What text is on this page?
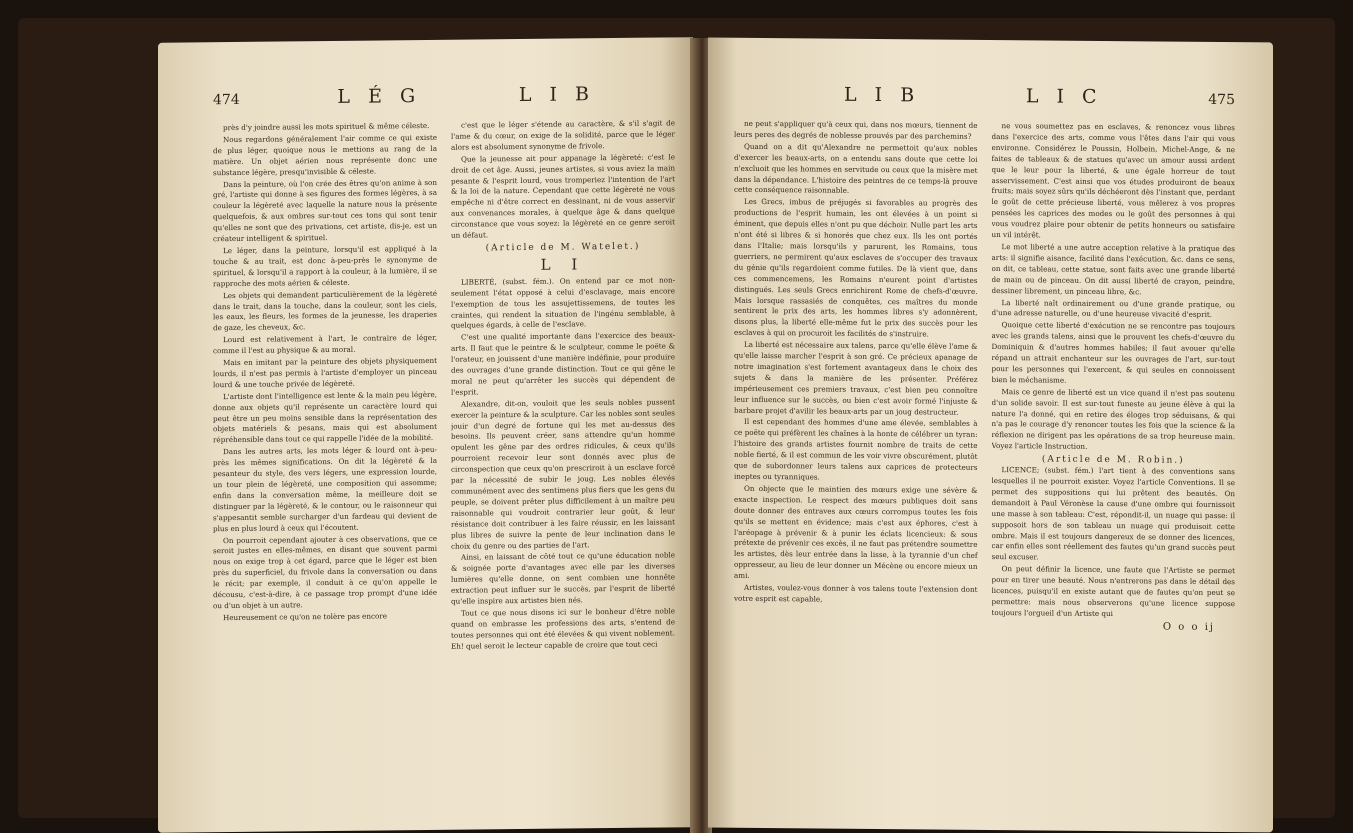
474	L É G	L I B

près d'y joindre aussi les mots spirituel & même céleste.

Nous regardons généralement l'air comme ce qui existe de plus léger, quoique nous le mettions au rang de la matière. Un objet aérien nous représente donc une substance légère, presqu'invisible & céleste.

Dans la peinture, où l'on crée des êtres qu'on anime à son gré, l'artiste qui donne à ses figures des formes légères, à sa couleur la légèreté avec laquelle la nature nous la présente quelquefois, & aux ombres sur-tout ces tons qui sont tenir qu'elles ne sont que des privations, cet artiste, dis-je, est un créateur intelligent & spirituel.

Le léger, dans la peinture, lorsqu'il est appliqué à la touche & au trait, est donc à-peu-près le synonyme de spirituel, & lorsqu'il a rapport à la couleur, à la lumière, il se rapproche des mots aérien & céleste.

Les objets qui demandent particulièrement de la légèreté dans le trait, dans la touche, dans la couleur, sont les ciels, les eaux, les fleurs, les formes de la jeunesse, les draperies de gaze, les cheveux, &c.

Lourd est relativement à l'art, le contraire de léger, comme il l'est au physique & au moral.

Mais en imitant par la peinture des objets physiquement lourds, il n'est pas permis à l'artiste d'employer un pinceau lourd & une touche privée de légèreté.

L'artiste dont l'intelligence est lente & la main peu légère, donne aux objets qu'il représente un caractère lourd qui peut être un peu moins sensible dans la représentation des objets matériels & pesans, mais qui est absolument répréhensible dans tout ce qui rappelle l'idée de la mobilité.

Dans les autres arts, les mots léger & lourd ont à-peu-près les mêmes significations. On dit la légèreté & la pesanteur du style, des vers légers, une expression lourde, un tour plein de légèreté, une composition qui assomme; enfin dans la conversation même, la meilleure doit se distinguer par la légèreté, & le contour, ou le raisonneur qui s'appesantit semble surcharger d'un fardeau qui devient de plus en plus lourd à ceux qui l'écoutent.

On pourroit cependant ajouter à ces observations, que ce seroit justes en elles-mêmes, en disant que souvent parmi nous on exige trop à cet égard, parce que le léger est bien près du superficiel, du frivole dans la conversation ou dans le récit; par exemple, il conduit à ce qu'on appelle le décousu, c'est-à-dire, à ce passage trop prompt d'une idée ou d'un objet à un autre.

Heureusement ce qu'on ne tolère pas encore

c'est que le léger s'étende au caractère, & s'il s'agit de l'ame & du cœur, on exige de la solidité, parce que le léger alors est absolument synonyme de frivole.

Que la jeunesse ait pour appanage la légèreté: c'est le droit de cet âge. Aussi, jeunes artistes, si vous aviez la main pesante & l'esprit lourd, vous tromperiez l'intention de l'art & la loi de la nature. Cependant que cette légèreté ne vous empêche ni d'être correct en dessinant, ni de vous asservir aux convenances morales, à quelque âge & dans quelque circonstance que vous soyez: la légèreté en ce genre seroit un défaut.

(Article de M. Watelet.)
L I

LIBERTÉ, (subst. fém.). On entend par ce mot non-seulement l'état opposé à celui d'esclavage, mais encore l'exemption de tous les assujettissemens, de toutes les craintes, qui rendent la situation de l'ingénu semblable, à quelques égards, à celle de l'esclave.

C'est une qualité importante dans l'exercice des beaux-arts. Il faut que le peintre & le sculpteur, comme le poëte & l'orateur, en jouissent d'une manière indéfinie, pour produire des ouvrages d'une grande distinction. Tout ce qui gêne le moral ne peut qu'arrêter les succès qui dépendent de l'esprit.

Alexandre, dit-on, vouloit que les seuls nobles pussent exercer la peinture & la sculpture. Car les nobles sont seules jouir d'un degré de fortune qui les met au-dessus des besoins. Ils peuvent créer, sans attendre qu'un homme opulent les gêne par des ordres ridicules, & ceux qu'ils pourroient recevoir leur sont donnés avec plus de circonspection que ceux qu'on prescriroit à un esclave forcé par la nécessité de subir le joug. Les nobles élevés communément avec des sentimens plus fiers que les gens du peuple, se doivent prêter plus difficilement à un maître peu raisonnable qui voudroit contrarier leur goût, & leur résistance doit contribuer à les faire réussir, en les laissant plus libres de suivre la pente de leur inclination dans le choix du genre ou des parties de l'art.

Ainsi, en laissant de côté tout ce qu'une éducation noble & soignée porte d'avantages avec elle par les diverses lumières qu'elle donne, on sent combien une honnête extraction peut influer sur le succès, par l'esprit de liberté qu'elle inspire aux artistes bien nés.

Tout ce que nous disons ici sur le bonheur d'être noble quand on embrasse les professions des arts, s'entend de toutes personnes qui ont été élevées & qui vivent noblement. Eh! quel seroit le lecteur capable de croire que tout ceci

L I B	L I C	475

ne peut s'appliquer qu'à ceux qui, dans nos mœurs, tiennent de leurs peres des degrés de noblesse prouvés par des parchemins?

Quand on a dit qu'Alexandre ne permettoit qu'aux nobles d'exercer les beaux-arts, on a entendu sans doute que cette loi n'excluoit que les hommes en servitude ou ceux que la misère met dans la dépendance. L'histoire des peintres de ce temps-là prouve cette conséquence raisonnable.

Les Grecs, imbus de préjugés si favorables au progrès des productions de l'esprit humain, les ont élevées à un point si éminent, que depuis elles n'ont pu que déchoir. Nulle part les arts n'ont été si libres & si honorés que chez eux. Ils les ont portés dans l'Italie; mais lorsqu'ils y parurent, les Romains, tous guerriers, ne permirent qu'aux esclaves de s'occuper des travaux du génie qu'ils regardoient comme futiles. De là vient que, dans ces commencemens, les Romains n'eurent point d'artistes distingués. Les seuls Grecs enrichirent Rome de chefs-d'œuvre. Mais lorsque rassasiés de conquêtes, ces maîtres du monde sentirent le prix des arts, les hommes libres s'y adonnèrent, disons plus, la liberté elle-même fut le prix des succès pour les esclaves à qui on procuroit les facilités de s'instruire.

La liberté est nécessaire aux talens, parce qu'elle élève l'ame & qu'elle laisse marcher l'esprit à son gré. Ce précieux apanage de notre imagination s'est fortement avantageux dans le choix des sujets & dans la manière de les présenter. Préférez impérieusement ces premiers travaux, c'est bien peu connoître leur influence sur le succès, ou bien c'est avoir formé l'injuste & barbare projet d'avilir les beaux-arts par un joug destructeur.

Il est cependant des hommes d'une ame élevée, semblables à ce poëte qui préfèrent les chaînes à la honte de célébrer un tyran: l'histoire des grands artistes fournit nombre de traits de cette noble fierté, & il est commun de les voir vivre obscurément, plutôt que de subordonner leurs talens aux caprices de protecteurs ineptes ou tyranniques.

On objecte que le maintien des mœurs exige une sévère & exacte inspection. Le respect des mœurs publiques doit sans doute donner des entraves aux cœurs corrompus toutes les fois qu'ils se mettent en évidence; mais c'est aux éphores, c'est à l'aréopage à prévenir & à punir les éclats licencieux: & sous prétexte de prévenir ces excès, il ne faut pas prétendre soumettre les artistes, dès leur entrée dans la lisse, à la tyrannie d'un chef oppresseur, au lieu de leur donner un Mécène ou encore mieux un ami.

Artistes, voulez-vous donner à vos talens toute l'extension dont votre esprit est capable,

ne vous soumettez pas en esclaves, & renoncez vous libres dans l'exercice des arts, comme vous l'êtes dans l'air qui vous environne. Considérez le Poussin, Holbein, Michel-Ange, & ne faites de tableaux & de statues qu'avec un amour aussi ardent que le leur pour la liberté, & une égale horreur de tout asservissement. C'est ainsi que vos études produiront de beaux fruits; mais soyez sûrs qu'ils déchéeront dès l'instant que, perdant le goût de cette précieuse liberté, vous mêlerez à vos propres pensées les caprices des modes ou le goût des personnes à qui vous voudrez plaire pour obtenir de petits honneurs ou satisfaire un vil intérêt.

Le mot liberté a une autre acception relative à la pratique des arts: il signifie aisance, facilité dans l'exécution, &c. dans ce sens, on dit, ce tableau, cette statue, sont faits avec une grande liberté de main ou de pinceau. On dit aussi liberté de crayon, peindre, dessiner librement, un pinceau libre, &c.

La liberté naît ordinairement ou d'une grande pratique, ou d'une adresse naturelle, ou d'une heureuse vivacité d'esprit.

Quoique cette liberté d'exécution ne se rencontre pas toujours avec les grands talens, ainsi que le prouvent les chefs-d'œuvre du Dominiquin & d'autres hommes habiles; il faut avouer qu'elle répand un attrait enchanteur sur les ouvrages de l'art, sur-tout pour les personnes qui l'exercent, & qui seules en connoissent bien le méchanisme.

Mais ce genre de liberté est un vice quand il n'est pas soutenu d'un solide savoir. Il est sur-tout funeste au jeune élève à qui la nature l'a donné, qui en retire des éloges trop séduisans, & qui n'a pas le courage d'y renoncer toutes les fois que la science & la réflexion ne dirigent pas les opérations de sa trop heureuse main. Voyez l'article Instruction.

(Article de M. Robin.)

LICENCE; (subst. fém.) l'art tient à des conventions sans lesquelles il ne pourroit exister. Voyez l'article Conventions. Il se permet des suppositions qui lui prêtent des beautés. On demandoit à Paul Véronèse la cause d'une ombre qui fournissoit une masse à son tableau: C'est, répondit-il, un nuage qui passe: il supposoit hors de son tableau un nuage qui produisoit cette ombre. Mais il est toujours dangereux de se donner des licences, car enfin elles sont réellement des fautes qu'un grand succès peut seul excuser.

On peut définir la licence, une faute que l'Artiste se permet pour en tirer une beauté. Nous n'entrerons pas dans le détail des licences, puisqu'il en existe autant que de fautes qu'on peut se permettre: mais nous observerons qu'une licence suppose toujours l'orgueil d'un Artiste qui

O o o ij
